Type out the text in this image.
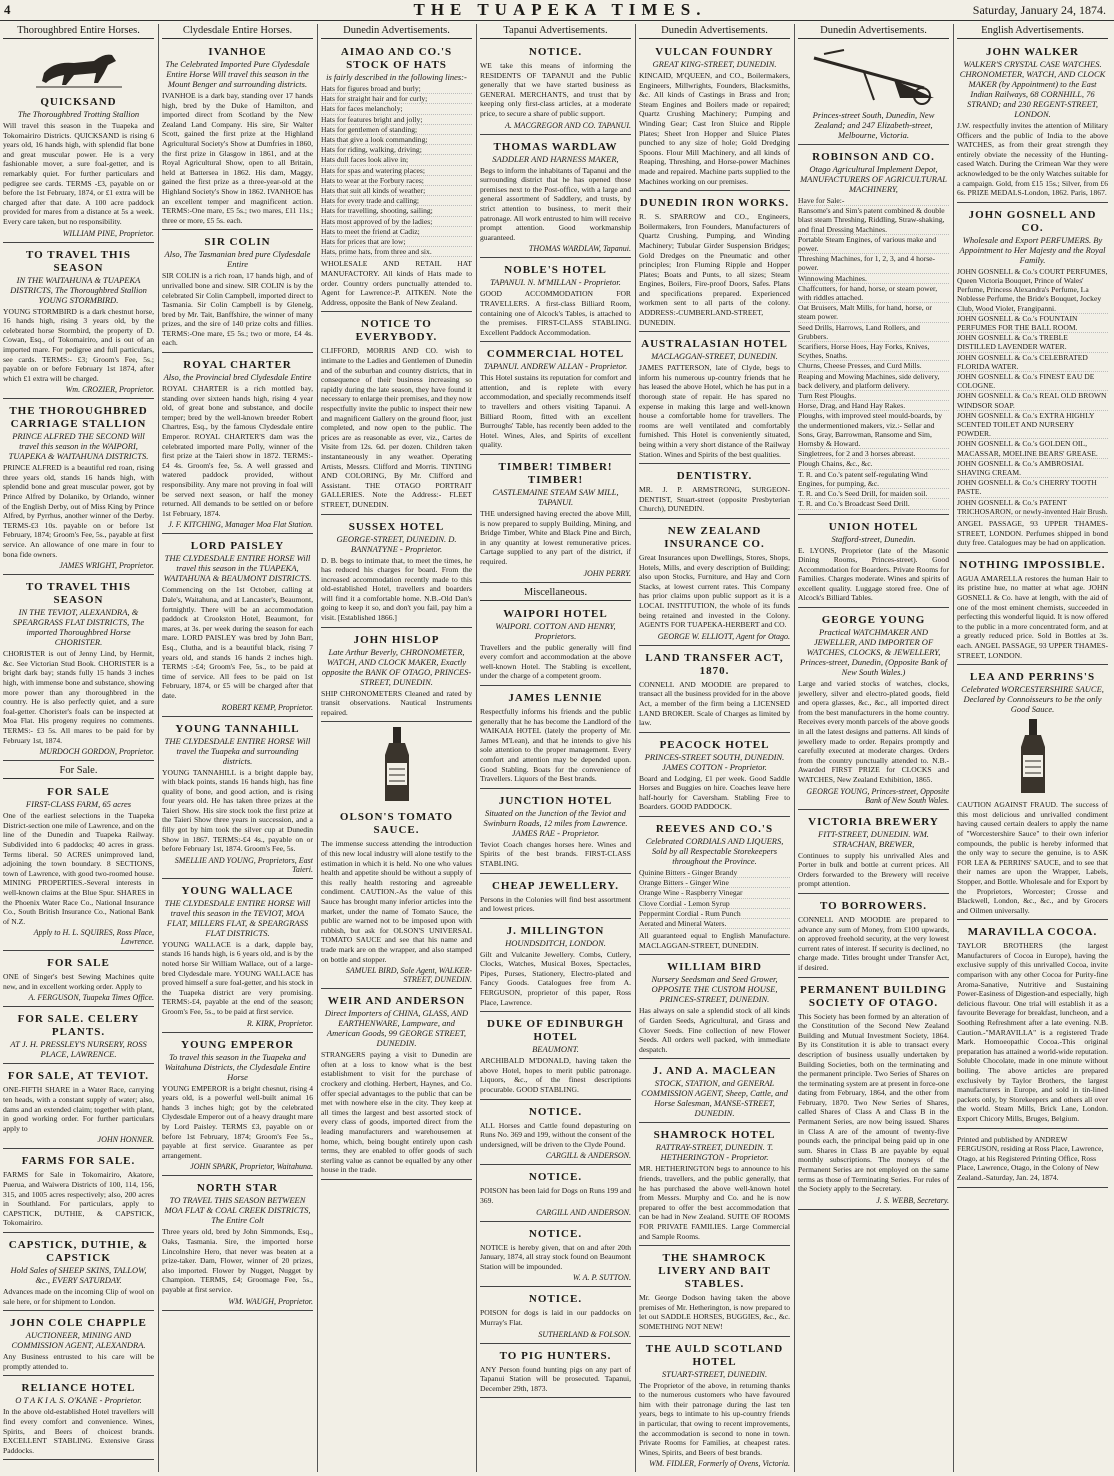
4	THE TUAPEKA TIMES.	Saturday, January 24, 1874.
Thoroughbred Entire Horses.
QUICKSAND
The Thoroughbred Trotting Stallion
Will travel this season in the Tuapeka and Tokomairiro Districts. QUICKSAND is rising 6 years old, 16 hands high, with splendid flat bone and great muscular power. He is a very fashionable mover, a sure foal-getter, and is remarkably quiet. For further particulars and pedigree see cards. TERMS -£3, payable on or before the 1st February, 1874, or £1 extra will be charged after that date. A 100 acre paddock provided for mares from a distance at 5s a week. Every care taken, but no responsibility.
WILLIAM PINE, Proprietor.
TO TRAVEL THIS SEASON
IN THE WAITAHUNA & TUAPEKA DISTRICTS, The Thoroughbred Stallion YOUNG STORMBIRD.
YOUNG STORMBIRD is a dark chestnut horse, 16 hands high, rising 3 years old, by the celebrated horse Stormbird, the property of D. Cowan, Esq., of Tokomairiro, and is out of an imported mare. For pedigree and full particulars, see cards. TERMS:- £3; Groom's Fee, 5s.; payable on or before February 1st 1874, after which £1 extra will be charged.
Wm. CROZIER, Proprietor.
THE THOROUGHBRED CARRIAGE STALLION
PRINCE ALFRED THE SECOND Will travel this season in the WAIPORI, TUAPEKA & WAITAHUNA DISTRICTS.
PRINCE ALFRED is a beautiful red roan, rising three years old, stands 16 hands high, with splendid bone and great muscular power, got by Prince Alfred by Dolaniko, by Orlando, winner of the English Derby, out of Miss King by Prince Alfred, by Pyrrhus, another winner of the Derby. TERMS-£3 10s. payable on or before 1st February, 1874; Groom's Fee, 5s., payable at first service. An allowance of one mare in four to bona fide owners.
JAMES WRIGHT, Proprietor.
TO TRAVEL THIS SEASON
IN THE TEVIOT, ALEXANDRA, & SPEARGRASS FLAT DISTRICTS, The imported Thoroughbred Horse CHORISTER.
CHORISTER is out of Jenny Lind, by Hermit, &c. See Victorian Stud Book. CHORISTER is a bright dark bay; stands fully 15 hands 3 inches high, with immense bone and substance, showing more power than any thoroughbred in the country. He is also perfectly quiet, and a sure foal-getter. Chorister's foals can be inspected at Moa Flat. His progeny requires no comments. TERMS:- £3 5s. All mares to be paid for by February 1st, 1874.
MURDOCH GORDON, Proprietor.
For Sale.
FOR SALE
FIRST-CLASS FARM, 65 acres
One of the earliest selections in the Tuapeka District-section one mile of Lawrence, and on the line of the Dunedin and Tuapeka Railway. Subdivided into 6 paddocks; 40 acres in grass. Terms liberal. 50 ACRES unimproved land, adjoining the town boundary. 8 SECTIONS, town of Lawrence, with good two-roomed house. MINING PROPERTIES.-Several interests in well-known claims at the Blue Spur. SHARES in the Phoenix Water Race Co., National Insurance Co., South British Insurance Co., National Bank of N.Z.
Apply to H. L. SQUIRES, Ross Place, Lawrence.
FOR SALE
ONE of Singer's best Sewing Machines quite new, and in excellent working order. Apply to
A. FERGUSON, Tuapeka Times Office.
FOR SALE. CELERY PLANTS.
AT J. H. PRESSLEY'S NURSERY, ROSS PLACE, LAWRENCE.
FOR SALE, AT TEVIOT.
ONE-FIFTH SHARE in a Water Race, carrying ten heads, with a constant supply of water; also, dams and an extended claim; together with plant, in good working order. For further particulars apply to
JOHN HONNER.
FARMS FOR SALE.
FARMS for Sale in Tokomairiro, Akatore, Puerua, and Waiwera Districts of 100, 114, 156, 315, and 1005 acres respectively; also, 200 acres in Southland. For particulars, apply to CAPSTICK, DUTHIE, & CAPSTICK, Tokomairiro.
CAPSTICK, DUTHIE, & CAPSTICK
Hold Sales of SHEEP SKINS, TALLOW, &c., EVERY SATURDAY.
Advances made on the incoming Clip of wool on sale here, or for shipment to London.
JOHN COLE CHAPPLE
AUCTIONEER, MINING AND COMMISSION AGENT, ALEXANDRA.
Any Business entrusted to his care will be promptly attended to.
RELIANCE HOTEL
O T A K I A. S. O'KANE - Proprietor.
In the above old-established Hotel travellers will find every comfort and convenience. Wines, Spirits, and Beers of choicest brands. EXCELLENT STABLING. Extensive Grass Paddocks.
Clydesdale Entire Horses.
IVANHOE
The Celebrated Imported Pure Clydesdale Entire Horse Will travel this season in the Mount Benger and surrounding districts.
IVANHOE is a dark bay, standing over 17 hands high, bred by the Duke of Hamilton, and imported direct from Scotland by the New Zealand Land Company. His sire, Sir Walter Scott, gained the first prize at the Highland Agricultural Society's Show at Dumfries in 1860, the first prize in Glasgow in 1861, and at the Royal Agricultural Show, open to all Britain, held at Battersea in 1862. His dam, Maggy, gained the first prize as a three-year-old at the Highland Society's Show in 1862. IVANHOE has an excellent temper and magnificent action. TERMS:-One mare, £5 5s.; two mares, £11 11s.; three or more, £5 5s. each.
SIR COLIN
Also, The Tasmanian bred pure Clydesdale Entire
SIR COLIN is a rich roan, 17 hands high, and of unrivalled bone and sinew. SIR COLIN is by the celebrated Sir Colin Campbell, imported direct to Tasmania. Sir Colin Campbell is by Glenelg, bred by Mr. Tait, Banffshire, the winner of many prizes, and the sire of 140 prize colts and fillies. TERMS:-One mare, £5 5s.; two or more, £4 4s. each.
ROYAL CHARTER
Also, the Provincial bred Clydesdale Entire
ROYAL CHARTER is a rich mottled bay, standing over sixteen hands high, rising 4 year old, of great bone and substance, and docile temper; bred by the well-known breeder Robert Chartres, Esq., by the famous Clydesdale entire Emperor. ROYAL CHARTER'S dam was the celebrated imported mare Polly, winner of the first prize at the Taieri show in 1872. TERMS:-£4 4s. Groom's fee, 5s. A well grassed and watered paddock provided, without responsibility. Any mare not proving in foal will be served next season, or half the money returned. All demands to be settled on or before 1st February, 1874.
J. F. KITCHING, Manager Moa Flat Station.
LORD PAISLEY
THE CLYDESDALE ENTIRE HORSE Will travel this season in the TUAPEKA, WAITAHUNA & BEAUMONT DISTRICTS.
Commencing on the 1st October, calling at Dale's, Waitahuna, and at Lancaster's, Beaumont, fortnightly. There will be an accommodation paddock at Crookston Hotel, Beaumont, for mares, at 3s. per week during the season for each mare. LORD PAISLEY was bred by John Barr, Esq., Clutha, and is a beautiful black, rising 7 years old, and stands 16 hands 2 inches high. TERMS :-£4; Groom's Fee, 5s., to be paid at time of service. All fees to be paid on 1st February, 1874, or £5 will be charged after that date.
ROBERT KEMP, Proprietor.
YOUNG TANNAHILL
THE CLYDESDALE ENTIRE HORSE Will travel the Tuapeka and surrounding districts.
YOUNG TANNAHILL is a bright dapple bay, with black points, stands 16 hands high, has fine quality of bone, and good action, and is rising four years old. He has taken three prizes at the Taieri Show. His sire stock took the first prize at the Taieri Show three years in succession, and a filly got by him took the silver cup at Dunedin Show in 1867. TERMS:-£4 4s., payable on or before February 1st, 1874. Groom's Fee, 5s.
SMELLIE AND YOUNG, Proprietors, East Taieri.
YOUNG WALLACE
THE CLYDESDALE ENTIRE HORSE Will travel this season in the TEVIOT, MOA FLAT, MILLERS FLAT, & SPEARGRASS FLAT DISTRICTS.
YOUNG WALLACE is a dark, dapple bay, stands 16 hands high, is 6 years old, and is by the noted horse Sir William Wallace, out of a large-bred Clydesdale mare. YOUNG WALLACE has proved himself a sure foal-getter, and his stock in the Tuapeka district are very promising. TERMS:-£4, payable at the end of the season; Groom's Fee, 5s., to be paid at first service.
R. KIRK, Proprietor.
YOUNG EMPEROR
To travel this season in the Tuapeka and Waitahuna Districts, the Clydesdale Entire Horse
YOUNG EMPEROR is a bright chesnut, rising 4 years old, is a powerful well-built animal 16 hands 3 inches high; got by the celebrated Clydesdale Emperor out of a heavy draught mare by Lord Paisley. TERMS £3, payable on or before 1st February, 1874; Groom's Fee 5s., payable at first service. Guarantee as per arrangement.
JOHN SPARK, Proprietor, Waitahuna.
NORTH STAR
TO TRAVEL THIS SEASON BETWEEN MOA FLAT & COAL CREEK DISTRICTS, The Entire Colt
Three years old, bred by John Simmonds, Esq., Oaks, Tasmania. Sire, the imported horse Lincolnshire Hero, that never was beaten at a prize-taker. Dam, Flower, winner of 20 prizes, also imported. Flower by Nugget, Nugget by Champion. TERMS, £4; Groomage Fee, 5s., payable at first service.
WM. WAUGH, Proprietor.
Dunedin Advertisements.
AIMAO AND CO.'S STOCK OF HATS
is fairly described in the following lines:-
Hats for figures broad and burly;
Hats for straight hair and for curly;
Hats for faces melancholy;
Hats for features bright and jolly;
Hats for gentlemen of standing;
Hats that give a look commanding;
Hats for riding, walking, driving;
Hats dull faces look alive in;
Hats for spas and watering places;
Hats to wear at the Forbury races;
Hats that suit all kinds of weather;
Hats for every trade and calling;
Hats for travelling, shooting, sailing;
Hats most approved of by the ladies;
Hats to meet the friend at Cadiz;
Hats for prices that are low;
Hats, prime hats, from three and six.
WHOLESALE AND RETAIL HAT MANUFACTORY. All kinds of Hats made to order. Country orders punctually attended to. Agent for Lawrence:-P. AITKEN. Note the Address, opposite the Bank of New Zealand.
NOTICE TO EVERYBODY.
CLIFFORD, MORRIS AND CO. wish to intimate to the Ladies and Gentlemen of Dunedin and of the suburban and country districts, that in consequence of their business increasing so rapidly during the late season, they have found it necessary to enlarge their premises, and they now respectfully invite the public to inspect their new and magnificent Gallery on the ground floor, just completed, and now open to the public. The prices are as reasonable as ever, viz., Cartes de Visite from 12s. 6d. per dozen. Children taken instantaneously in any weather. Operating Artists, Messrs. Clifford and Morris. TINTING AND COLORING, By Mr. Clifford and Assistant. THE OTAGO PORTRAIT GALLERIES. Note the Address:- FLEET STREET, DUNEDIN.
SUSSEX HOTEL
GEORGE-STREET, DUNEDIN. D. BANNATYNE - Proprietor.
D. B. begs to intimate that, to meet the times, he has reduced his charges for board. From the increased accommodation recently made to this old-established Hotel, travellers and boarders will find it a comfortable home. N.B.-Old Dan's going to keep it so, and don't you fail, pay him a visit. [Established 1866.]
JOHN HISLOP
Late Arthur Beverly, CHRONOMETER, WATCH, AND CLOCK MAKER, Exactly opposite the BANK OF OTAGO, PRINCES-STREET, DUNEDIN.
SHIP CHRONOMETERS Cleaned and rated by transit observations. Nautical Instruments repaired.
OLSON'S TOMATO SAUCE.
The immense success attending the introduction of this new local industry will alone testify to the estimation in which it is held. No one who values health and appetite should be without a supply of this really health restoring and agreeable condiment. CAUTION.-As the value of this Sauce has brought many inferior articles into the market, under the name of Tomato Sauce, the public are warned not to be imposed upon with rubbish, but ask for OLSON'S UNIVERSAL TOMATO SAUCE and see that his name and trade mark are on the wrapper, and also stamped on bottle and stopper.
SAMUEL BIRD, Sole Agent, WALKER-STREET, DUNEDIN.
WEIR AND ANDERSON
Direct Importers of CHINA, GLASS, AND EARTHENWARE, Lampware, and American Goods, 99 GEORGE STREET, DUNEDIN.
STRANGERS paying a visit to Dunedin are often at a loss to know what is the best establishment to visit for the purchase of crockery and clothing. Herbert, Haynes, and Co. offer special advantages to the public that can be met with nowhere else in the city. They keep at all times the largest and best assorted stock of every class of goods, imported direct from the leading manufacturers and warehousemen at home, which, being bought entirely upon cash terms, they are enabled to offer goods of such sterling value as cannot be equalled by any other house in the trade.
Tapanui Advertisements.
NOTICE.
WE take this means of informing the RESIDENTS OF TAPANUI and the Public generally that we have started business as GENERAL MERCHANTS, and trust that by keeping only first-class articles, at a moderate price, to secure a share of public support.
A. MACGREGOR AND CO. TAPANUI.
THOMAS WARDLAW
SADDLER AND HARNESS MAKER,
Begs to inform the inhabitants of Tapanui and the surrounding district that he has opened those premises next to the Post-office, with a large and general assortment of Saddlery, and trusts, by strict attention to business, to merit their patronage. All work entrusted to him will receive prompt attention. Good workmanship guaranteed.
THOMAS WARDLAW, Tapanui.
NOBLE'S HOTEL
TAPANUI. N. M'MILLAN - Proprietor.
GOOD ACCOMMODATION FOR TRAVELLERS. A first-class Billiard Room, containing one of Alcock's Tables, is attached to the premises. FIRST-CLASS STABLING. Excellent Paddock Accommodation.
COMMERCIAL HOTEL
TAPANUI. ANDREW ALLAN - Proprietor.
This Hotel sustains its reputation for comfort and attention, and is replete with every accommodation, and specially recommends itself to travellers and others visiting Tapanui. A Billiard Room, fitted with an excellent Burroughs' Table, has recently been added to the Hotel. Wines, Ales, and Spirits of excellent quality.
TIMBER! TIMBER! TIMBER!
CASTLEMAINE STEAM SAW MILL, TAPANUI.
THE undersigned having erected the above Mill, is now prepared to supply Building, Mining, and Bridge Timber, White and Black Pine and Birch, in any quantity at lowest remunerative prices. Cartage supplied to any part of the district, if required.
JOHN PERRY.
Miscellaneous.
WAIPORI HOTEL
WAIPORI. COTTON AND HENRY, Proprietors.
Travellers and the public generally will find every comfort and accommodation at the above well-known Hotel. The Stabling is excellent, under the charge of a competent groom.
JAMES LENNIE
Respectfully informs his friends and the public generally that he has become the Landlord of the WAIKAIA HOTEL (lately the property of Mr. James M'Lean), and that he intends to give his sole attention to the proper management. Every comfort and attention may be depended upon. Good Stabling. Boats for the convenience of Travellers. Liquors of the Best brands.
JUNCTION HOTEL
Situated on the Junction of the Teviot and Swinburn Roads, 12 miles from Lawrence. JAMES RAE - Proprietor.
Teviot Coach changes horses here. Wines and Spirits of the best brands. FIRST-CLASS STABLING.
CHEAP JEWELLERY.
Persons in the Colonies will find best assortment and lowest prices.
J. MILLINGTON
HOUNDSDITCH, LONDON.
Gilt and Vulcanite Jewellery. Combs, Cutlery, Clocks, Watches, Musical Boxes, Spectacles, Pipes, Purses, Stationery, Electro-plated and Fancy Goods. Catalogues free from A. FERGUSON, proprietor of this paper, Ross Place, Lawrence.
DUKE OF EDINBURGH HOTEL
BEAUMONT.
ARCHIBALD M'DONALD, having taken the above Hotel, hopes to merit public patronage. Liquors, &c., of the finest descriptions procurable. GOOD STABLING.
NOTICE.
ALL Horses and Cattle found depasturing on Runs No. 369 and 199, without the consent of the undersigned, will be driven to the Clyde Pound.
CARGILL & ANDERSON.
NOTICE.
POISON has been laid for Dogs on Runs 199 and 369.
CARGILL AND ANDERSON.
NOTICE.
NOTICE is hereby given, that on and after 20th January, 1874, all stray stock found on Beaumont Station will be impounded.
W. A. P. SUTTON.
NOTICE.
POISON for dogs is laid in our paddocks on Murray's Flat.
SUTHERLAND & FOLSON.
TO PIG HUNTERS.
ANY Person found hunting pigs on any part of Tapanui Station will be prosecuted. Tapanui, December 29th, 1873.
Dunedin Advertisements.
VULCAN FOUNDRY
GREAT KING-STREET, DUNEDIN.
KINCAID, M'QUEEN, and CO., Boilermakers, Engineers, Millwrights, Founders, Blacksmiths, &c. All kinds of Castings in Brass and Iron; Steam Engines and Boilers made or repaired; Quartz Crushing Machinery; Pumping and Winding Gear; Cast Iron Sluice and Ripple Plates; Sheet Iron Hopper and Sluice Plates punched to any size of hole; Gold Dredging Spoons. Flour Mill Machinery, and all kinds of Reaping, Threshing, and Horse-power Machines made and repaired. Machine parts supplied to the Machines working on our premises.
DUNEDIN IRON WORKS.
R. S. SPARROW and CO., Engineers, Boilermakers, Iron Founders, Manufacturers of Quartz Crushing, Pumping, and Winding Machinery; Tubular Girder Suspension Bridges; Gold Dredges on the Pneumatic and other principles; Iron Fluming Ripple and Hopper Plates; Boats and Punts, to all sizes; Steam Engines, Boilers, Fire-proof Doors, Safes. Plans and specifications prepared. Experienced workmen sent to all parts of the colony. ADDRESS:-CUMBERLAND-STREET, DUNEDIN.
AUSTRALASIAN HOTEL
MACLAGGAN-STREET, DUNEDIN.
JAMES PATTERSON, late of Clyde, begs to inform his numerous up-country friends that he has leased the above Hotel, which he has put in a thorough state of repair. He has spared no expense in making this large and well-known house a comfortable home for travellers. The rooms are well ventilated and comfortably furnished. This Hotel is conveniently situated, being within a very short distance of the Railway Station. Wines and Spirits of the best qualities.
DENTISTRY.
MR. J. P. ARMSTRONG, SURGEON-DENTIST, Stuart-street (opposite Presbyterian Church), DUNEDIN.
NEW ZEALAND INSURANCE CO.
Great Insurances upon Dwellings, Stores, Shops, Hotels, Mills, and every description of Building; also upon Stocks, Furniture, and Hay and Corn Stacks, at lowest current rates. This Company has prior claims upon public support as it is a LOCAL INSTITUTION, the whole of its funds being retained and invested in the Colony. AGENTS FOR TUAPEKA-HERBERT and CO.
GEORGE W. ELLIOTT, Agent for Otago.
LAND TRANSFER ACT, 1870.
CONNELL AND MOODIE are prepared to transact all the business provided for in the above Act, a member of the firm being a LICENSED LAND BROKER. Scale of Charges as limited by law.
PEACOCK HOTEL
PRINCES-STREET SOUTH, DUNEDIN. JAMES COTTON - Proprietor.
Board and Lodging, £1 per week. Good Saddle Horses and Buggies on hire. Coaches leave here half-hourly for Caversham. Stabling Free to Boarders. GOOD PADDOCK.
REEVES AND CO.'S
Celebrated CORDIALS AND LIQUERS, Sold by all Respectable Storekeepers throughout the Province.
Quinine Bitters - Ginger Brandy
Orange Bitters - Ginger Wine
Orange Wine - Raspberry Vinegar
Clove Cordial - Lemon Syrup
Peppermint Cordial - Rum Punch
Aerated and Mineral Waters.
All guaranteed equal to English Manufacture. MACLAGGAN-STREET, DUNEDIN.
WILLIAM BIRD
Nursery Seedsman and Seed Grower, OPPOSITE THE CUSTOM HOUSE, PRINCES-STREET, DUNEDIN.
Has always on sale a splendid stock of all kinds of Garden Seeds, Agricultural, and Grass and Clover Seeds. Fine collection of new Flower Seeds. All orders well packed, with immediate despatch.
J. AND A. MACLEAN
STOCK, STATION, and GENERAL COMMISSION AGENT, Sheep, Cattle, and Horse Salesman, MANSE-STREET, DUNEDIN.
SHAMROCK HOTEL
RATTRAY-STREET, DUNEDIN. T. HETHERINGTON - Proprietor.
MR. HETHERINGTON begs to announce to his friends, travellers, and the public generally, that he has purchased the above well-known hotel from Messrs. Murphy and Co. and he is now prepared to offer the best accommodation that can be had in New Zealand. SUITE OF ROOMS FOR PRIVATE FAMILIES. Large Commercial and Sample Rooms.
THE SHAMROCK LIVERY AND BAIT STABLES.
Mr. George Dodson having taken the above premises of Mr. Hetherington, is now prepared to let out SADDLE HORSES, BUGGIES, &c., &c. SOMETHING NOT NEW!
THE AULD SCOTLAND HOTEL
STUART-STREET, DUNEDIN.
The Proprietor of the above, in returning thanks to the numerous customers who have favoured him with their patronage during the last ten years, begs to intimate to his up-country friends in particular, that owing to recent improvements, the accommodation is second to none in town. Private Rooms for Families, at cheapest rates. Wines, Spirits, and Beers of best brands.
WM. FIDLER, Formerly of Ovens, Victoria.
Dunedin Advertisements.
Princes-street South, Dunedin, New Zealand; and 247 Elizabeth-street, Melbourne, Victoria.
ROBINSON AND CO.
Otago Agricultural Implement Depot, MANUFACTURERS OF AGRICULTURAL MACHINERY,
Have for Sale:-
Ransome's and Sim's patent combined & double blast steam Threshing, Riddling, Straw-shaking, and final Dressing Machines.
Portable Steam Engines, of various make and power.
Threshing Machines, for 1, 2, 3, and 4 horse-power.
Winnowing Machines.
Chaffcutters, for hand, horse, or steam power, with riddles attached.
Oat Bruisers, Malt Mills, for hand, horse, or steam power.
Seed Drills, Harrows, Land Rollers, and Grubbers.
Scarifiers, Horse Hoes, Hay Forks, Knives, Scythes, Snaths.
Churns, Cheese Presses, and Curd Mills.
Reaping and Mowing Machines, side delivery, back delivery, and platform delivery.
Turn Rest Ploughs.
Horse, Drag, and Hand Hay Rakes.
Ploughs, with improved steel mould-boards, by the undermentioned makers, viz.:- Sellar and Sons, Gray, Barrowman, Ransome and Sim, Hornsby & Howard.
Singletrees, for 2 and 3 horses abreast.
Plough Chains, &c., &c.
T. R. and Co.'s patent self-regulating Wind Engines, for pumping, &c.
T. R. and Co.'s Seed Drill, for maiden soil.
T. R. and Co.'s Broadcast Seed Drill.
UNION HOTEL
Stafford-street, Dunedin.
E. LYONS, Proprietor (late of the Masonic Dining Rooms, Princes-street). Good Accommodation for Boarders. Private Rooms for Families. Charges moderate. Wines and spirits of excellent quality. Luggage stored free. One of Alcock's Billiard Tables.
GEORGE YOUNG
Practical WATCHMAKER AND JEWELLER, AND IMPORTER OF WATCHES, CLOCKS, & JEWELLERY, Princes-street, Dunedin, (Opposite Bank of New South Wales.)
Large and varied stocks of watches, clocks, jewellery, silver and electro-plated goods, field and opera glasses, &c., &c., all imported direct from the best manufacturers in the home country. Receives every month parcels of the above goods in all the latest designs and patterns. All kinds of jewellery made to order. Repairs promptly and carefully executed at moderate charges. Orders from the country punctually attended to. N.B.-Awarded FIRST PRIZE for CLOCKS and WATCHES, New Zealand Exhibition, 1865.
GEORGE YOUNG, Princes-street, Opposite Bank of New South Wales.
VICTORIA BREWERY
FITT-STREET, DUNEDIN. WM. STRACHAN, BREWER,
Continues to supply his unrivalled Ales and Porter in bulk and bottle at current prices. All Orders forwarded to the Brewery will receive prompt attention.
TO BORROWERS.
CONNELL AND MOODIE are prepared to advance any sum of Money, from £100 upwards, on approved freehold security, at the very lowest current rates of interest. If security is declined, no charge made. Titles brought under Transfer Act, if desired.
PERMANENT BUILDING SOCIETY OF OTAGO.
This Society has been formed by an alteration of the Constitution of the Second New Zealand Building and Mutual Investment Society, 1864. By its Constitution it is able to transact every description of business usually undertaken by Building Societies, both on the terminating and the permanent principle. Two Series of Shares on the terminating system are at present in force-one dating from February, 1864, and the other from February, 1870. Two New Series of Shares, called Shares of Class A and Class B in the Permanent Series, are now being issued. Shares in Class A are of the amount of twenty-five pounds each, the principal being paid up in one sum. Shares in Class B are payable by equal monthly subscriptions. The moneys of the Permanent Series are not employed on the same terms as those of Terminating Series. For rules of the Society apply to the Secretary.
J. S. WEBB, Secretary.
English Advertisements.
JOHN WALKER
WALKER'S CRYSTAL CASE WATCHES. CHRONOMETER, WATCH, AND CLOCK MAKER (by Appointment) to the East Indian Railways, 68 CORNHILL, 76 STRAND; and 230 REGENT-STREET, LONDON.
J.W. respectfully invites the attention of Military Officers and the public of India to the above WATCHES, as from their great strength they entirely obviate the necessity of the Hunting-cased Watch. During the Crimean War they were acknowledged to be the only Watches suitable for a campaign. Gold, from £15 15s.; Silver, from £6 6s. PRIZE MEDALS-London, 1862. Paris, 1867.
JOHN GOSNELL AND CO.
Wholesale and Export PERFUMERS. By Appointment to Her Majesty and the Royal Family.
JOHN GOSNELL & Co.'s COURT PERFUMES, Queen Victoria Bouquet, Prince of Wales' Perfume, Princess Alexandra's Perfume, La Noblesse Perfume, the Bride's Bouquet, Jockey Club, Wood Violet, Frangipanni.
JOHN GOSNELL & Co.'s FOUNTAIN PERFUMES FOR THE BALL ROOM.
JOHN GOSNELL & Co.'s TREBLE DISTILLED LAVENDER WATER.
JOHN GOSNELL & Co.'s CELEBRATED FLORIDA WATER.
JOHN GOSNELL & Co.'s FINEST EAU DE COLOGNE.
JOHN GOSNELL & Co.'s REAL OLD BROWN WINDSOR SOAP.
JOHN GOSNELL & Co.'s EXTRA HIGHLY SCENTED TOILET AND NURSERY POWDER.
JOHN GOSNELL & Co.'s GOLDEN OIL, MACASSAR, MOELINE BEARS' GREASE.
JOHN GOSNELL & Co.'s AMBROSIAL SHAVING CREAM.
JOHN GOSNELL & Co.'s CHERRY TOOTH PASTE.
JOHN GOSNELL & Co.'s PATENT TRICHOSARON, or newly-invented Hair Brush.
ANGEL PASSAGE, 93 UPPER THAMES-STREET, LONDON. Perfumes shipped in bond duty free. Catalogues may be had on application.
NOTHING IMPOSSIBLE.
AGUA AMARELLA restores the human Hair to its pristine hue, no matter at what age. JOHN GOSNELL & Co. have at length, with the aid of one of the most eminent chemists, succeeded in perfecting this wonderful liquid. It is now offered to the public in a more concentrated form, and at a greatly reduced price. Sold in Bottles at 3s. each. ANGEL PASSAGE, 93 UPPER THAMES-STREET, LONDON.
LEA AND PERRINS'S
Celebrated WORCESTERSHIRE SAUCE, Declared by Connoisseurs to be the only Good Sauce.
CAUTION AGAINST FRAUD. The success of this most delicious and unrivalled condiment having caused certain dealers to apply the name of "Worcestershire Sauce" to their own inferior compounds, the public is hereby informed that the only way to secure the genuine, is to ASK FOR LEA & PERRINS' SAUCE, and to see that their names are upon the Wrapper, Labels, Stopper, and Bottle. Wholesale and for Export by the Proprietors, Worcester; Crosse and Blackwell, London, &c., &c., and by Grocers and Oilmen universally.
MARAVILLA COCOA.
TAYLOR BROTHERS (the largest Manufacturers of Cocoa in Europe), having the exclusive supply of this unrivalled Cocoa, invite comparison with any other Cocoa for Purity-fine Aroma-Sanative, Nutritive and Sustaining Power-Easiness of Digestion-and especially, high delicious flavour. One trial will establish it as a favourite Beverage for breakfast, luncheon, and a Soothing Refreshment after a late evening. N.B. Caution.-"MARAVILLA" is a registered Trade Mark. Homoeopathic Cocoa.-This original preparation has attained a world-wide reputation. Soluble Chocolate, made in one minute without boiling. The above articles are prepared exclusively by Taylor Brothers, the largest manufacturers in Europe, and sold in tin-lined packets only, by Storekeepers and others all over the world. Steam Mills, Brick Lane, London. Export Chicory Mills, Bruges, Belgium.
Printed and published by ANDREW FERGUSON, residing at Ross Place, Lawrence, Otago, at his Registered Printing Office, Ross Place, Lawrence, Otago, in the Colony of New Zealand.-Saturday, Jan. 24, 1874.
